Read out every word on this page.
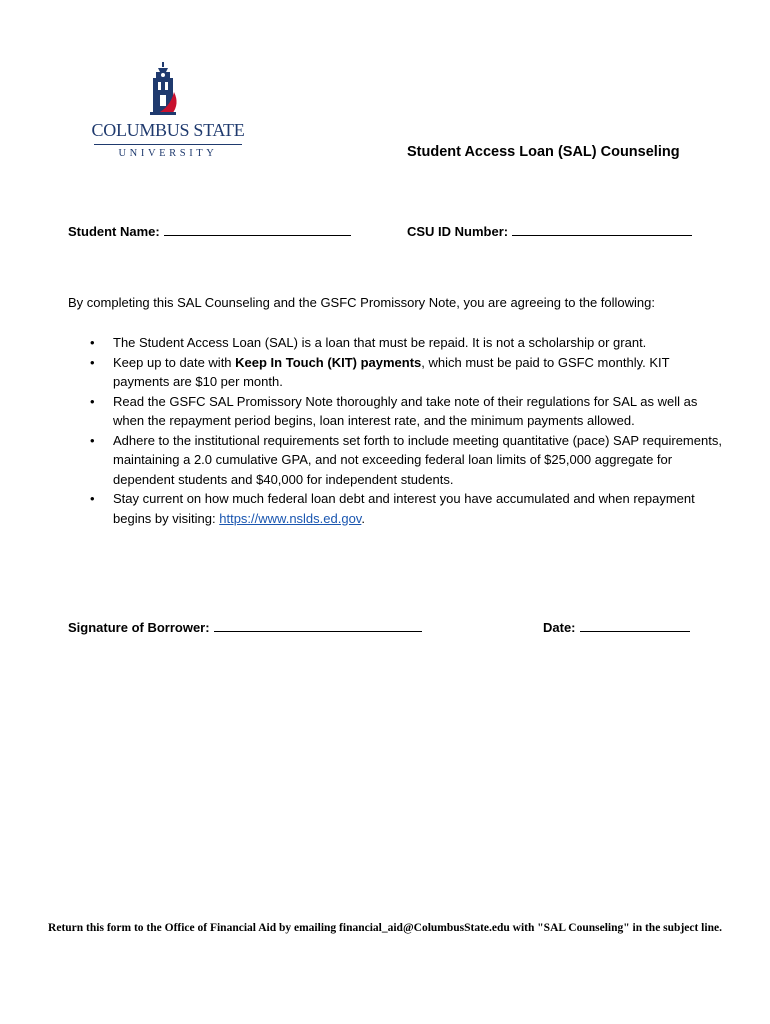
COLUMBUS STATE
UNIVERSITY	Student Access Loan (SAL) Counseling
Student Name:	CSU ID Number:
By completing this SAL Counseling and the GSFC Promissory Note, you are agreeing to the following:
• The Student Access Loan (SAL) is a loan that must be repaid. It is not a scholarship or grant.
• Keep up to date with Keep In Touch (KIT) payments, which must be paid to GSFC monthly. KIT payments are $10 per month.
• Read the GSFC SAL Promissory Note thoroughly and take note of their regulations for SAL as well as when the repayment period begins, loan interest rate, and the minimum payments allowed.
• Adhere to the institutional requirements set forth to include meeting quantitative (pace) SAP requirements, maintaining a 2.0 cumulative GPA, and not exceeding federal loan limits of $25,000 aggregate for dependent students and $40,000 for independent students.
• Stay current on how much federal loan debt and interest you have accumulated and when repayment begins by visiting: https://www.nslds.ed.gov.
Signature of Borrower:	Date:
Return this form to the Office of Financial Aid by emailing financial_aid@ColumbusState.edu with "SAL Counseling" in the subject line.
